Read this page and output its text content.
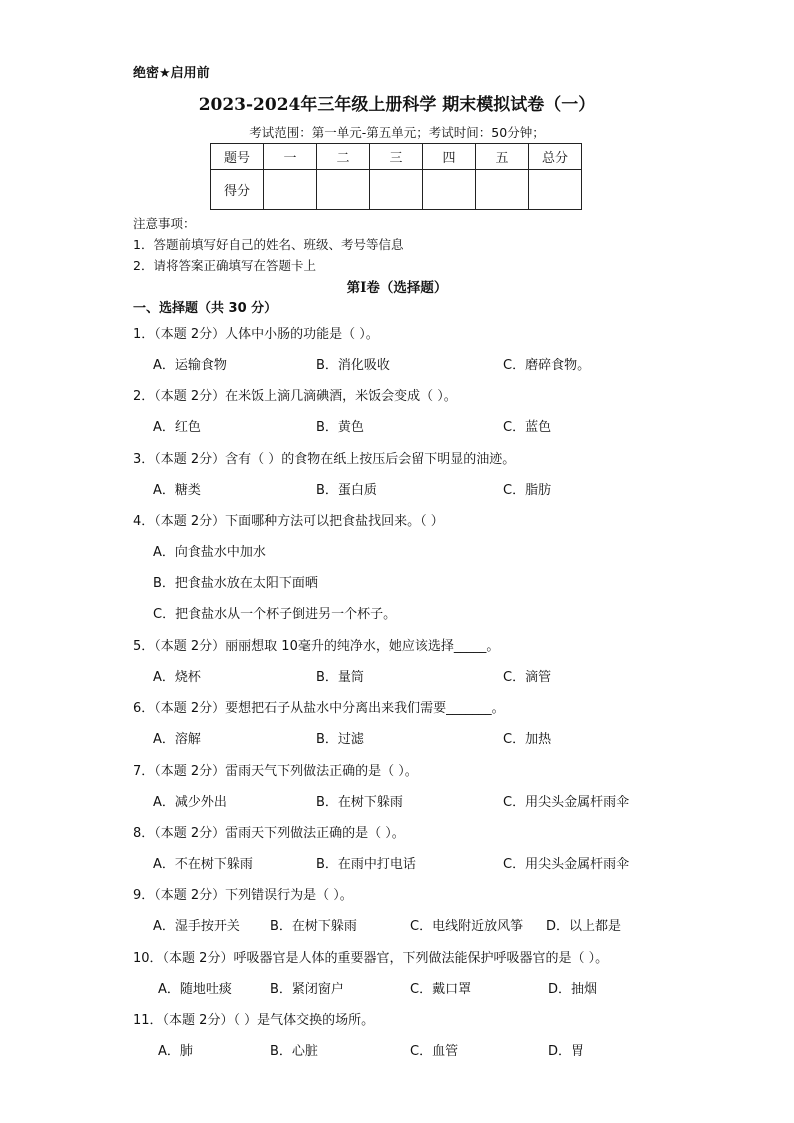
绝密★启用前
2023-2024年三年级上册科学 期末模拟试卷（一）
考试范围：第一单元-第五单元；考试时间：50分钟；
题号	一	二	三	四	五	总分
得分						
注意事项：
1．答题前填写好自己的姓名、班级、考号等信息
2．请将答案正确填写在答题卡上
第Ⅰ卷（选择题）
一、选择题（共 30 分）
1．（本题 2分）人体中小肠的功能是（ ）。
A．运输食物	B．消化吸收	C．磨碎食物。
2．（本题 2分）在米饭上滴几滴碘酒，米饭会变成（ ）。
A．红色	B．黄色	C．蓝色
3．（本题 2分）含有（ ）的食物在纸上按压后会留下明显的油迹。
A．糖类	B．蛋白质	C．脂肪
4．（本题 2分）下面哪种方法可以把食盐找回来。（ ）
A．向食盐水中加水
B．把食盐水放在太阳下面晒
C．把食盐水从一个杯子倒进另一个杯子。
5．（本题 2分）丽丽想取 10毫升的纯净水，她应该选择_____。
A．烧杯	B．量筒	C．滴管
6．（本题 2分）要想把石子从盐水中分离出来我们需要_______。
A．溶解	B．过滤	C．加热
7．（本题 2分）雷雨天气下列做法正确的是（ ）。
A．减少外出	B．在树下躲雨	C．用尖头金属杆雨伞
8．（本题 2分）雷雨天下列做法正确的是（ ）。
A．不在树下躲雨	B．在雨中打电话	C．用尖头金属杆雨伞
9．（本题 2分）下列错误行为是（ ）。
A．湿手按开关 B．在树下躲雨	C．电线附近放风筝 D．以上都是
10．（本题 2分）呼吸器官是人体的重要器官，下列做法能保护呼吸器官的是（ ）。
A．随地吐痰	B．紧闭窗户	C．戴口罩	D．抽烟
11．（本题 2分）（ ）是气体交换的场所。
A．肺	B．心脏	C．血管	D．胃
